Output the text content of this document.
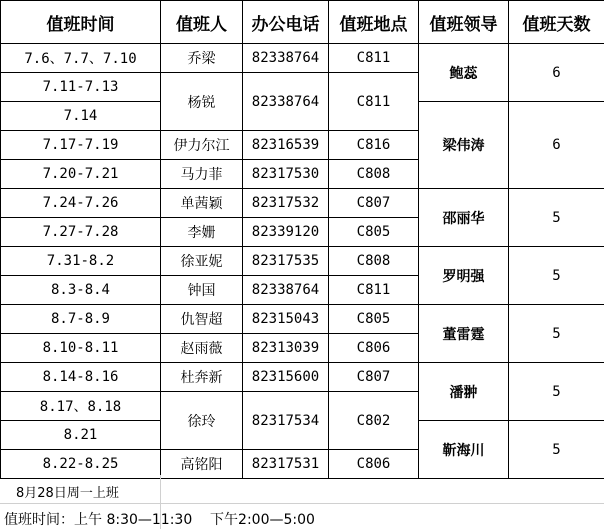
值班时间	值班人	办公电话	值班地点	值班领导	值班天数
7.6、7.7、7.10	乔梁	82338764	C811	鲍蕊	6
7.11-7.13	杨锐	82338764	C811		
7.14				梁伟涛	6
7.17-7.19	伊力尔江	82316539	C816		
7.20-7.21	马力菲	82317530	C808		
7.24-7.26	单茜颖	82317532	C807	邵丽华	5
7.27-7.28	李姗	82339120	C805		
7.31-8.2	徐亚妮	82317535	C808	罗明强	5
8.3-8.4	钟国	82338764	C811		
8.7-8.9	仇智超	82315043	C805	董雷霆	5
8.10-8.11	赵雨薇	82313039	C806		
8.14-8.16	杜奔新	82315600	C807	潘翀	5
8.17、8.18	徐玲	82317534	C802		
8.21				靳海川	5
8.22-8.25	高铭阳	82317531	C806		
8月28日周一上班
值班时间：上午 8:30—11:30 下午2:00—5:00
